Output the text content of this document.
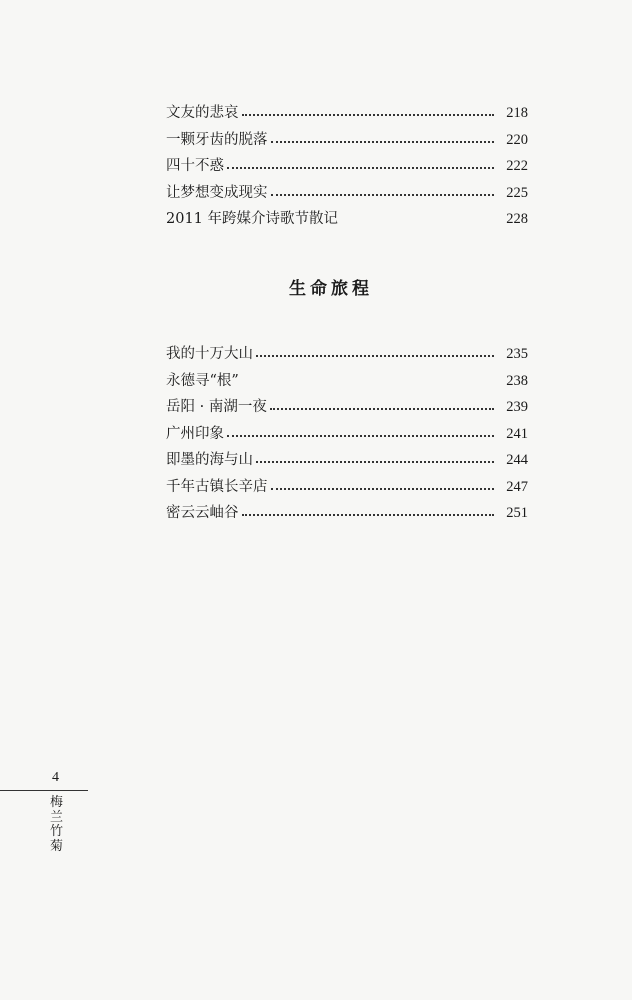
文友的悲哀	218
一颗牙齿的脱落	220
四十不惑	222
让梦想变成现实	225
2011 年跨媒介诗歌节散记	228
生命旅程
我的十万大山	235
永德寻“根”	238
岳阳 · 南湖一夜	239
广州印象	241
即墨的海与山	244
千年古镇长辛店	247
密云云岫谷	251
4
梅兰竹菊
